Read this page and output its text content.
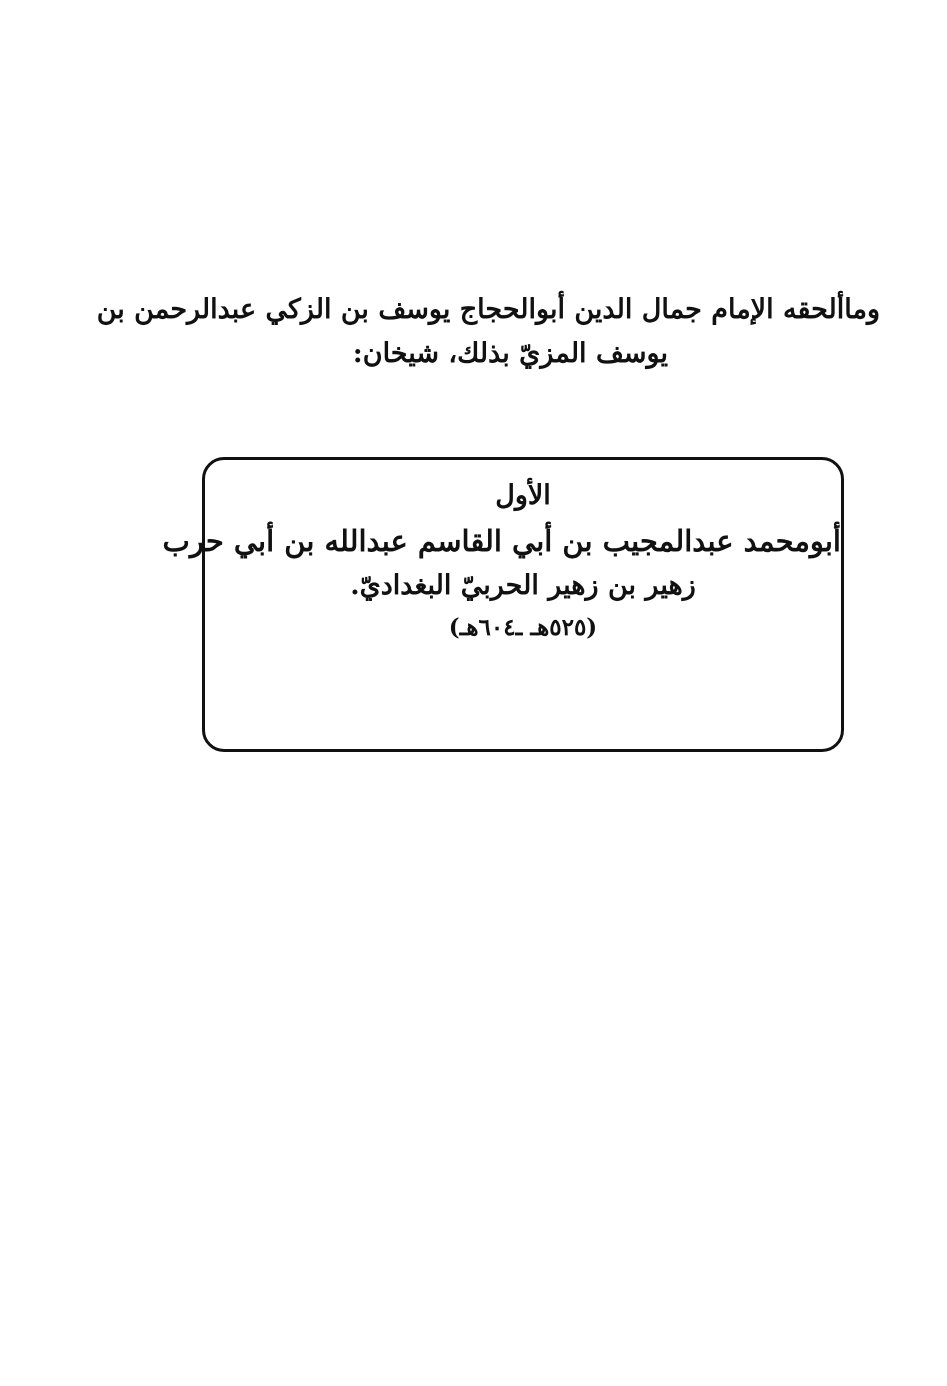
وماألحقه الإمام جمال الدين أبوالحجاج يوسف بن الزكي عبدالرحمن بن
يوسف المزيّ بذلك، شيخان:
الأول
أبومحمد عبدالمجيب بن أبي القاسم عبدالله بن أبي حرب
زهير بن زهير الحربيّ البغداديّ.
(٥٢٥هـ ـ٦٠٤هـ)
